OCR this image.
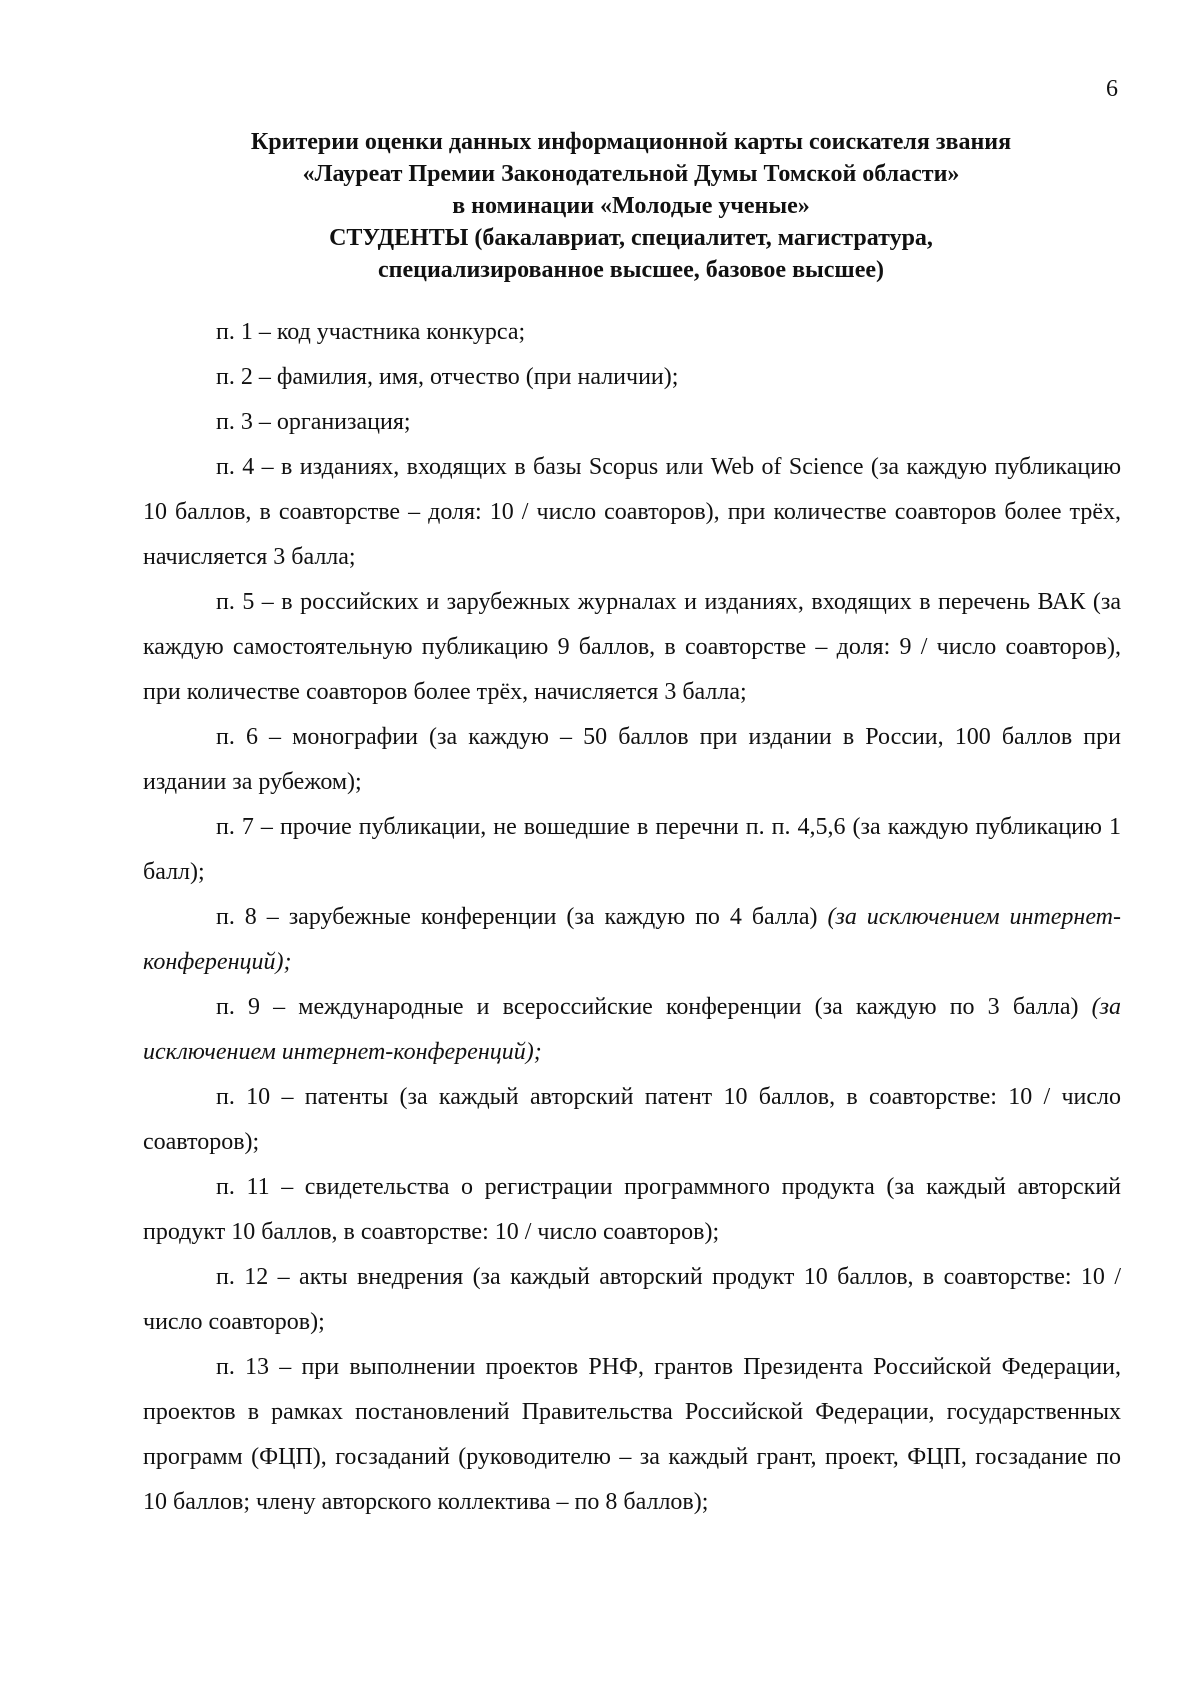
6
Критерии оценки данных информационной карты соискателя звания
«Лауреат Премии Законодательной Думы Томской области»
в номинации «Молодые ученые»
СТУДЕНТЫ (бакалавриат, специалитет, магистратура,
специализированное высшее, базовое высшее)

п. 1 – код участника конкурса;

п. 2 – фамилия, имя, отчество (при наличии);

п. 3 – организация;

п. 4 – в изданиях, входящих в базы Scopus или Web of Science (за каждую публикацию 10 баллов, в соавторстве – доля: 10 / число соавторов), при количестве соавторов более трёх, начисляется 3 балла;

п. 5 – в российских и зарубежных журналах и изданиях, входящих в перечень ВАК (за каждую самостоятельную публикацию 9 баллов, в соавторстве – доля: 9 / число соавторов), при количестве соавторов более трёх, начисляется 3 балла;

п. 6 – монографии (за каждую – 50 баллов при издании в России, 100 баллов при издании за рубежом);

п. 7 – прочие публикации, не вошедшие в перечни п. п. 4,5,6 (за каждую публикацию 1 балл);

п. 8 – зарубежные конференции (за каждую по 4 балла) (за исключением интернет-конференций);

п. 9 – международные и всероссийские конференции (за каждую по 3 балла) (за исключением интернет-конференций);

п. 10 – патенты (за каждый авторский патент 10 баллов, в соавторстве: 10 / число соавторов);

п. 11 – свидетельства о регистрации программного продукта (за каждый авторский продукт 10 баллов, в соавторстве: 10 / число соавторов);

п. 12 – акты внедрения (за каждый авторский продукт 10 баллов, в соавторстве: 10 / число соавторов);

п. 13 – при выполнении проектов РНФ, грантов Президента Российской Федерации, проектов в рамках постановлений Правительства Российской Федерации, государственных программ (ФЦП), госзаданий (руководителю – за каждый грант, проект, ФЦП, госзадание по 10 баллов; члену авторского коллектива – по 8 баллов);
